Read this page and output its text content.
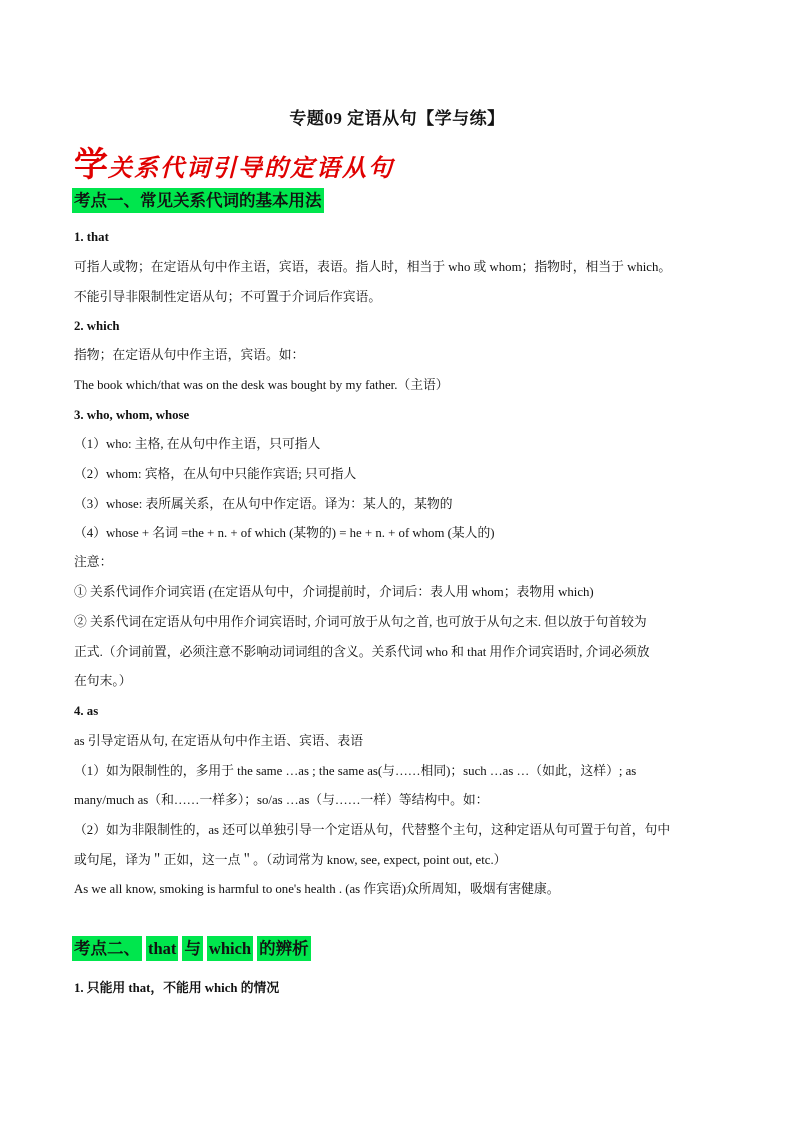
专题09 定语从句【学与练】
学关系代词引导的定语从句
考点一、常见关系代词的基本用法
1. that
可指人或物；在定语从句中作主语，宾语，表语。指人时，相当于 who 或 whom；指物时，相当于 which。
不能引导非限制性定语从句；不可置于介词后作宾语。
2. which
指物；在定语从句中作主语，宾语。如：
The book which/that was on the desk was bought by my father.（主语）
3. who, whom, whose
（1）who: 主格, 在从句中作主语，只可指人
（2）whom: 宾格，在从句中只能作宾语; 只可指人
（3）whose: 表所属关系，在从句中作定语。译为：某人的，某物的
（4）whose + 名词 =the + n. + of which (某物的) = he + n. + of whom (某人的)
注意：
① 关系代词作介词宾语 (在定语从句中，介词提前时，介词后：表人用 whom；表物用 which)
② 关系代词在定语从句中用作介词宾语时, 介词可放于从句之首, 也可放于从句之末. 但以放于句首较为
正式.（介词前置，必须注意不影响动词词组的含义。关系代词 who 和 that 用作介词宾语时, 介词必须放
在句末。）
4. as
as 引导定语从句, 在定语从句中作主语、宾语、表语
（1）如为限制性的，多用于 the same …as ; the same as(与……相同)；such …as …（如此，这样）; as
many/much as（和……一样多）；so/as …as（与……一样）等结构中。如：
（2）如为非限制性的，as 还可以单独引导一个定语从句，代替整个主句，这种定语从句可置于句首，句中
或句尾，译为＂正如，这一点＂。（动词常为 know, see, expect, point out, etc.）
As we all know, smoking is harmful to one's health . (as 作宾语)众所周知，吸烟有害健康。
考点二、 that 与 which 的辨析
1. 只能用 that，不能用 which 的情况
